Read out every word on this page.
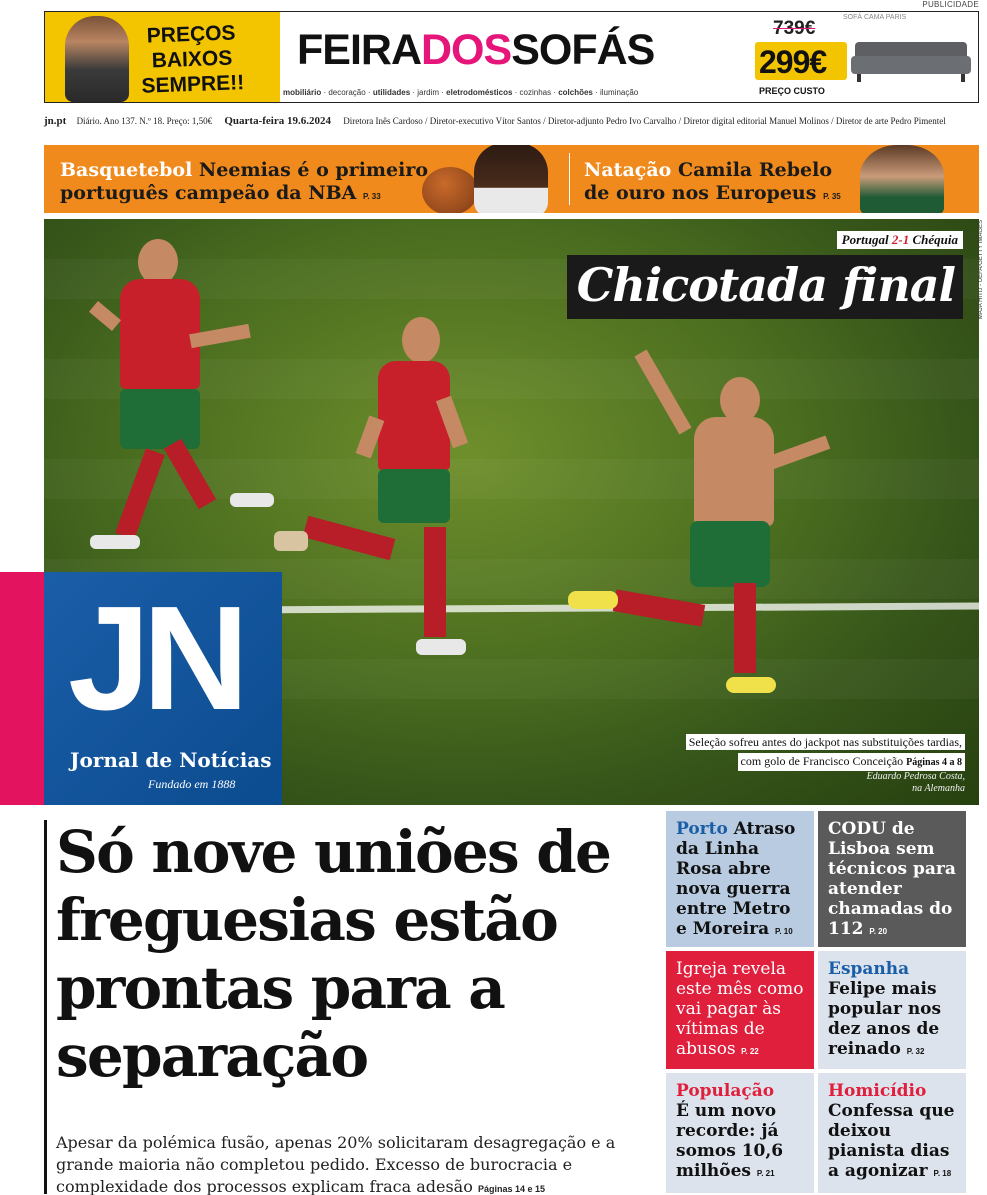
PUBLICIDADE
PREÇOS BAIXOS
SEMPRE!!
FEIRADOSSOFÁS
mobiliário · decoração · utilidades · jardim · eletrodomésticos · cozinhas · colchões · iluminação
739€
299€
PREÇO CUSTO
SOFÁ CAMA PARIS
jn.pt Diário. Ano 137. N.º 18. Preço: 1,50€ Quarta-feira 19.6.2024 Diretora Inês Cardoso / Diretor-executivo Vítor Santos / Diretor-adjunto Pedro Ivo Carvalho / Diretor digital editorial Manuel Molinos / Diretor de arte Pedro Pimentel
Basquetebol Neemias é o primeiro português campeão da NBA P. 33
Natação Camila Rebelo de ouro nos Europeus P. 35
Portugal 2-1 Chéquia
Chicotada final
Seleção sofreu antes do jackpot nas substituições tardias,
com golo de Francisco Conceição Páginas 4 a 8
Eduardo Pedrosa Costa,
na Alemanha
MAJA HITIJ - UEFA/GETTY IMAGES
JN
Jornal de Notícias
Fundado em 1888
Só nove uniões de freguesias estão prontas para a separação
Apesar da polémica fusão, apenas 20% solicitaram desagregação e a grande maioria não completou pedido. Excesso de burocracia e complexidade dos processos explicam fraca adesão Páginas 14 e 15
Porto Atraso da Linha Rosa abre nova guerra entre Metro e Moreira P. 10
CODU de Lisboa sem técnicos para atender chamadas do 112 P. 20
Igreja revela este mês como vai pagar às vítimas de abusos P. 22
Espanha
Felipe mais popular nos dez anos de reinado P. 32
População
É um novo recorde: já somos 10,6 milhões P. 21
Homicídio
Confessa que deixou pianista dias a agonizar P. 18
